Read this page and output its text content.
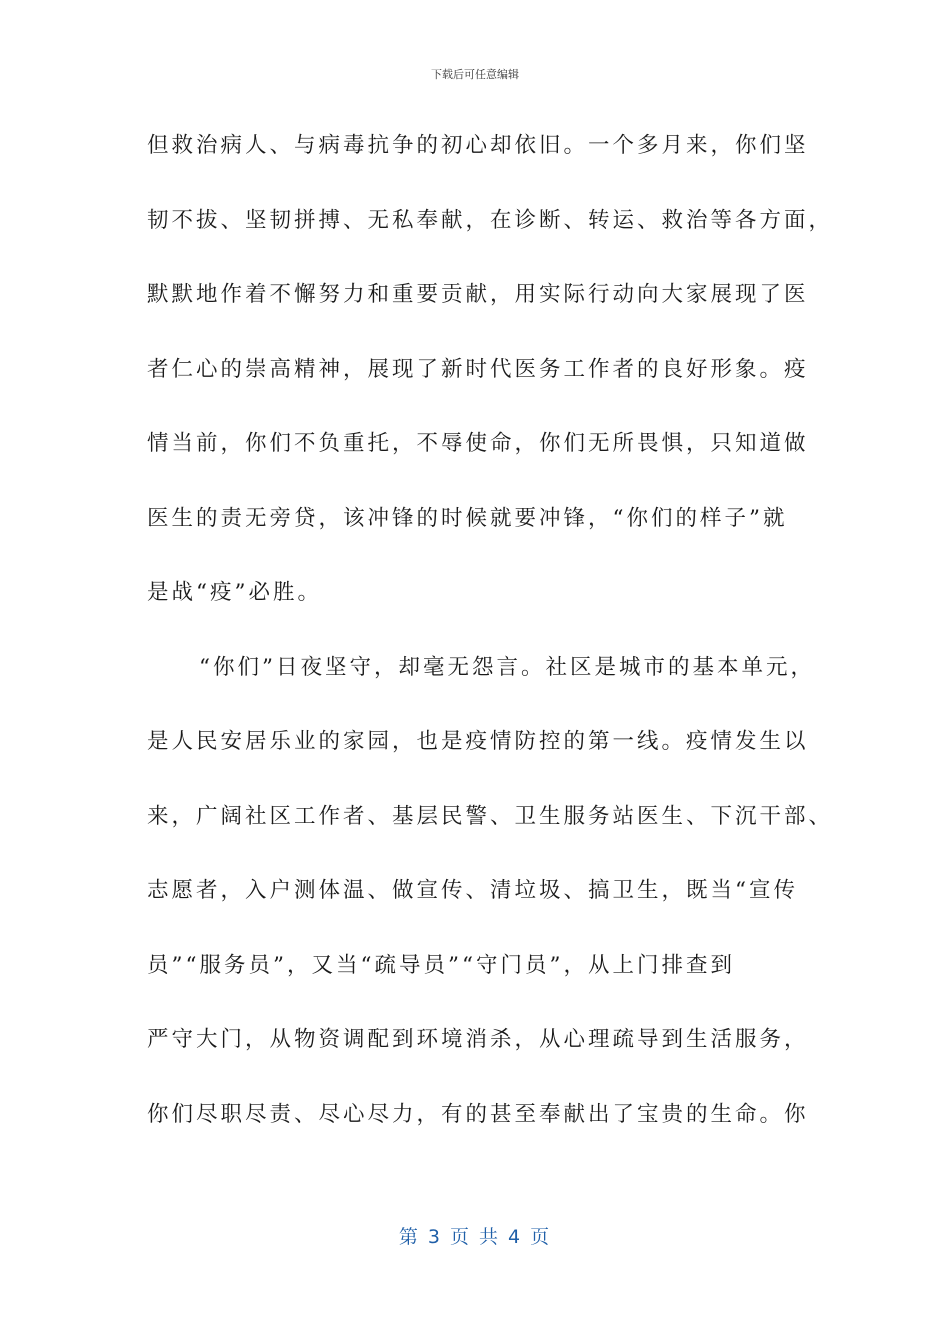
下载后可任意编辑
但救治病人、与病毒抗争的初心却依旧。一个多月来，你们坚
韧不拔、坚韧拼搏、无私奉献，在诊断、转运、救治等各方面，
默默地作着不懈努力和重要贡献，用实际行动向大家展现了医
者仁心的崇高精神，展现了新时代医务工作者的良好形象。疫
情当前，你们不负重托，不辱使命，你们无所畏惧，只知道做
医生的责无旁贷，该冲锋的时候就要冲锋，“你们的样子”就
是战“疫”必胜。
“你们”日夜坚守，却毫无怨言。社区是城市的基本单元，
是人民安居乐业的家园，也是疫情防控的第一线。疫情发生以
来，广阔社区工作者、基层民警、卫生服务站医生、下沉干部、
志愿者，入户测体温、做宣传、清垃圾、搞卫生，既当“宣传
员”“服务员”，又当“疏导员”“守门员”，从上门排查到
严守大门，从物资调配到环境消杀，从心理疏导到生活服务，
你们尽职尽责、尽心尽力，有的甚至奉献出了宝贵的生命。你
第 3 页 共 4 页
